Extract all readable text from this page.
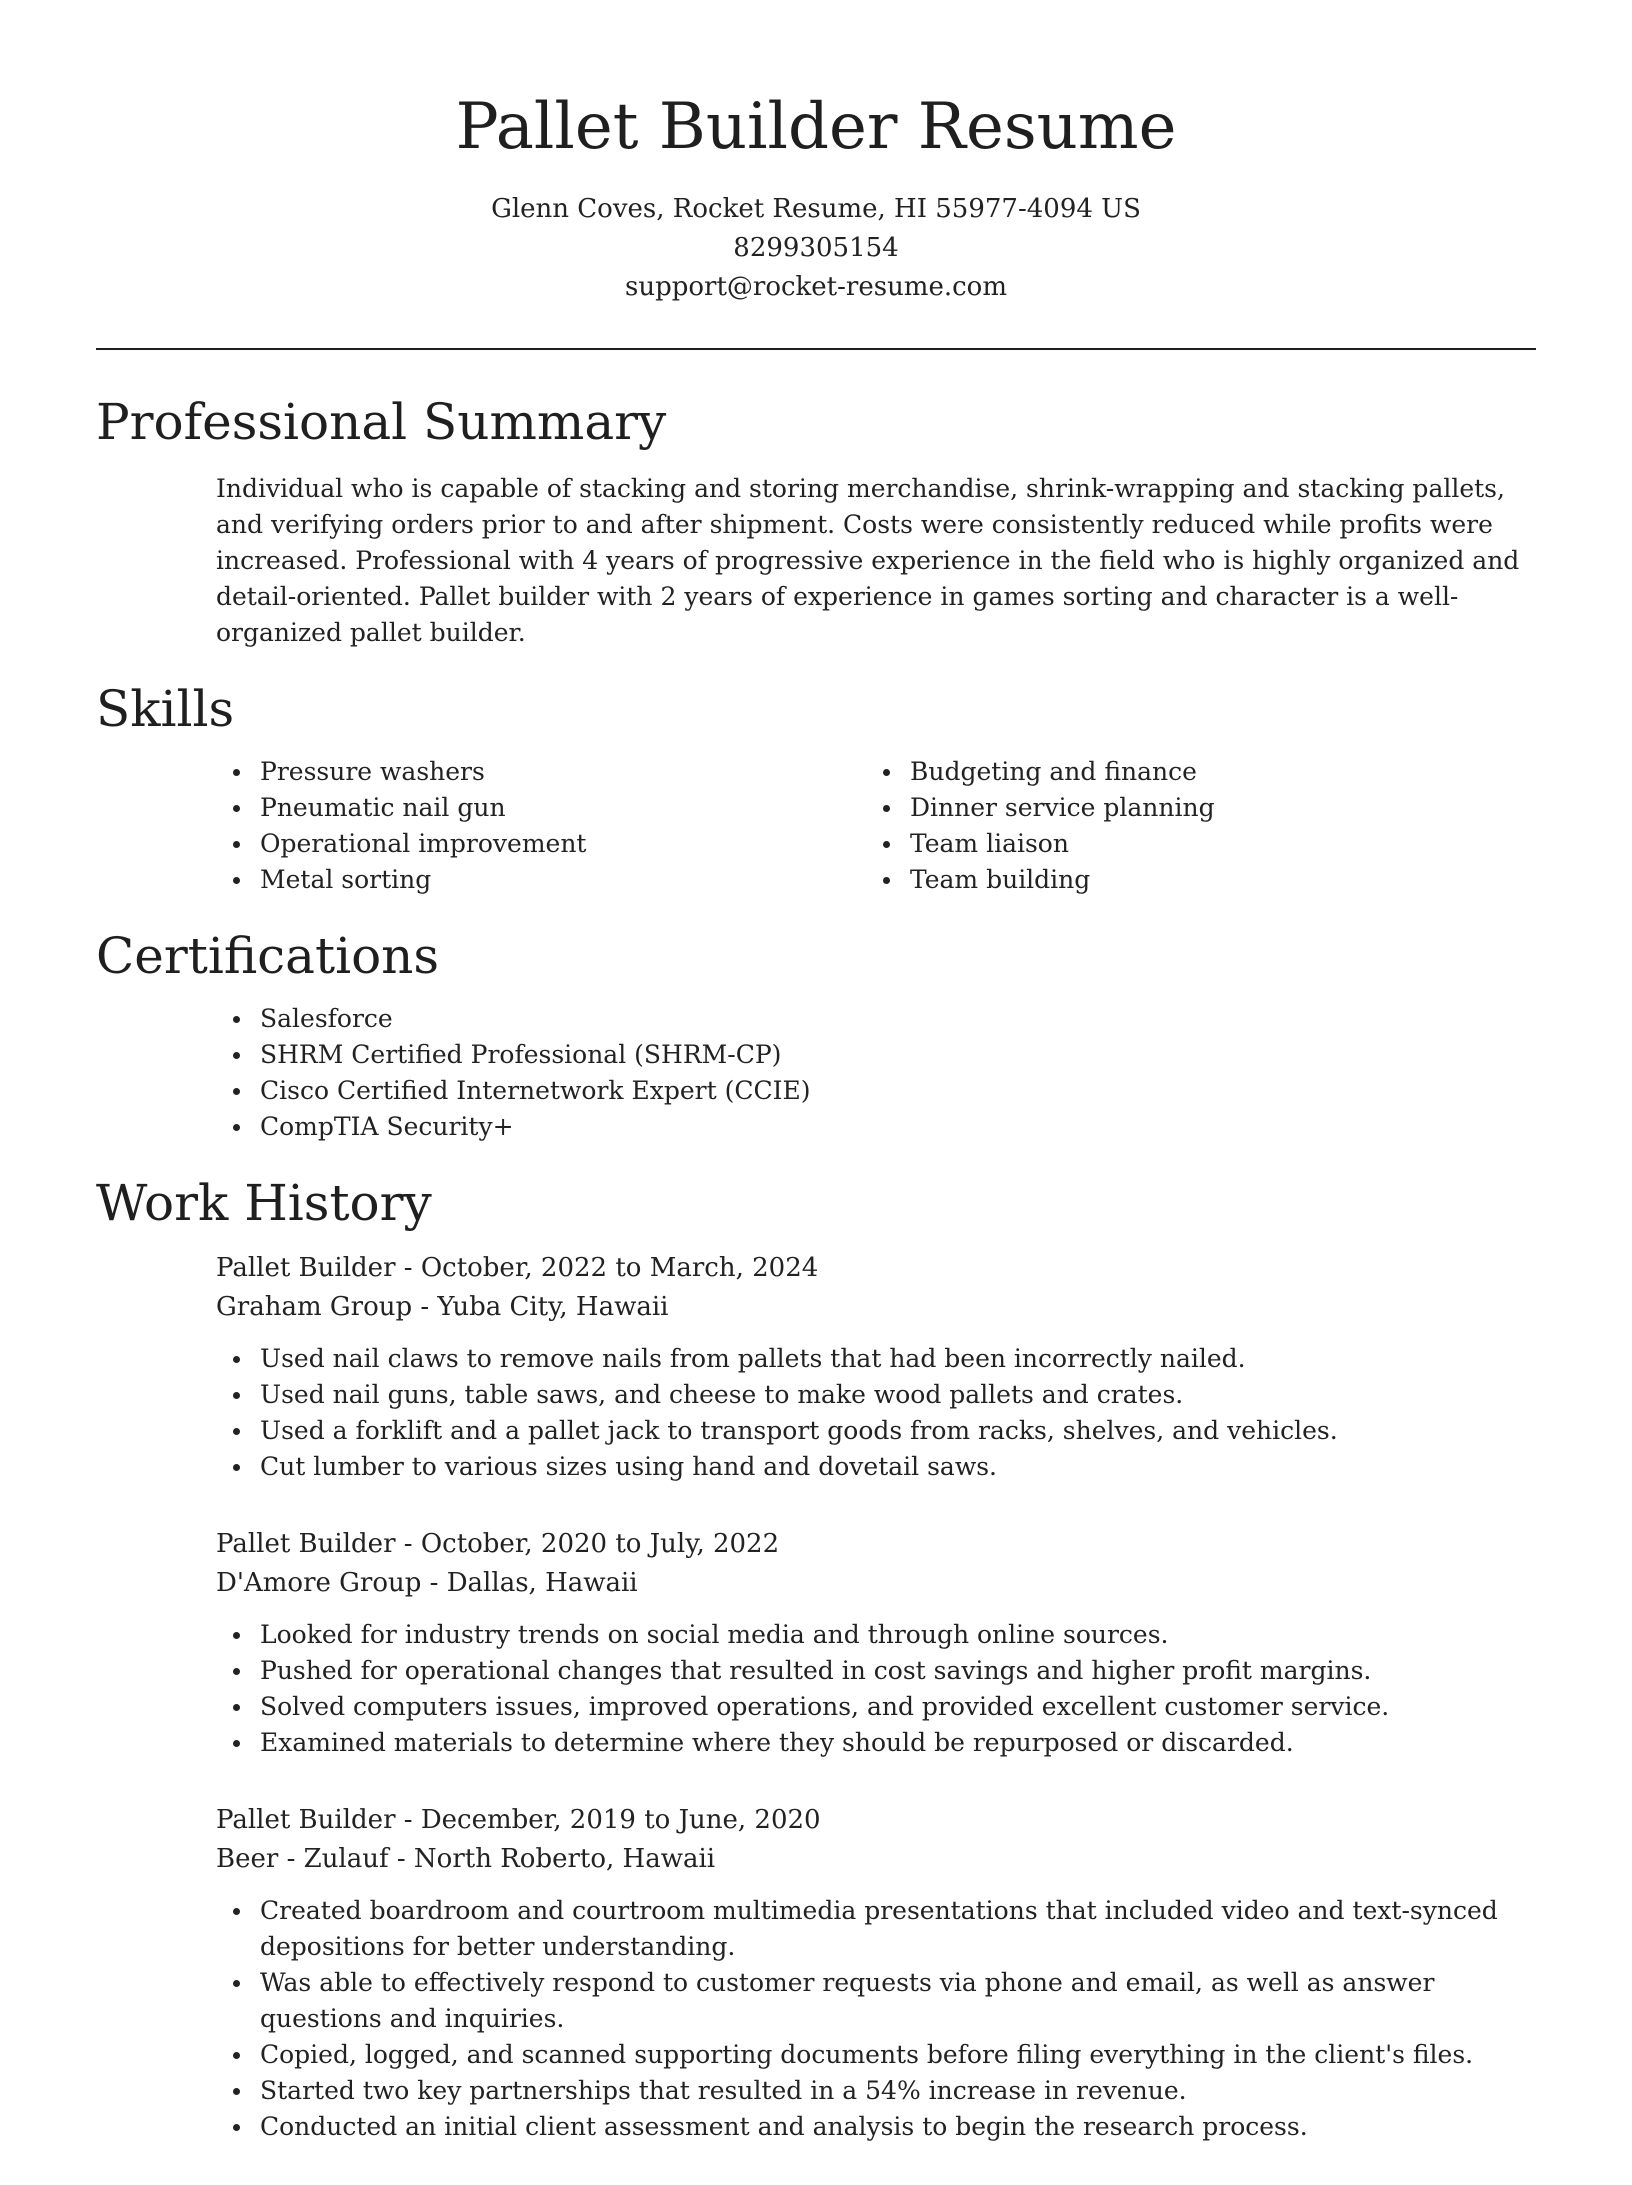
Pallet Builder Resume
Glenn Coves, Rocket Resume, HI 55977-4094 US
8299305154
support@rocket-resume.com
Professional Summary
Individual who is capable of stacking and storing merchandise, shrink-wrapping and stacking pallets, and verifying orders prior to and after shipment. Costs were consistently reduced while profits were increased. Professional with 4 years of progressive experience in the field who is highly organized and detail-oriented. Pallet builder with 2 years of experience in games sorting and character is a well-organized pallet builder.
Skills
Pressure washers
Pneumatic nail gun
Operational improvement
Metal sorting
Budgeting and finance
Dinner service planning
Team liaison
Team building
Certifications
Salesforce
SHRM Certified Professional (SHRM-CP)
Cisco Certified Internetwork Expert (CCIE)
CompTIA Security+
Work History
Pallet Builder - October, 2022 to March, 2024
Graham Group - Yuba City, Hawaii
Used nail claws to remove nails from pallets that had been incorrectly nailed.
Used nail guns, table saws, and cheese to make wood pallets and crates.
Used a forklift and a pallet jack to transport goods from racks, shelves, and vehicles.
Cut lumber to various sizes using hand and dovetail saws.
Pallet Builder - October, 2020 to July, 2022
D'Amore Group - Dallas, Hawaii
Looked for industry trends on social media and through online sources.
Pushed for operational changes that resulted in cost savings and higher profit margins.
Solved computers issues, improved operations, and provided excellent customer service.
Examined materials to determine where they should be repurposed or discarded.
Pallet Builder - December, 2019 to June, 2020
Beer - Zulauf - North Roberto, Hawaii
Created boardroom and courtroom multimedia presentations that included video and text-synced depositions for better understanding.
Was able to effectively respond to customer requests via phone and email, as well as answer questions and inquiries.
Copied, logged, and scanned supporting documents before filing everything in the client's files.
Started two key partnerships that resulted in a 54% increase in revenue.
Conducted an initial client assessment and analysis to begin the research process.
